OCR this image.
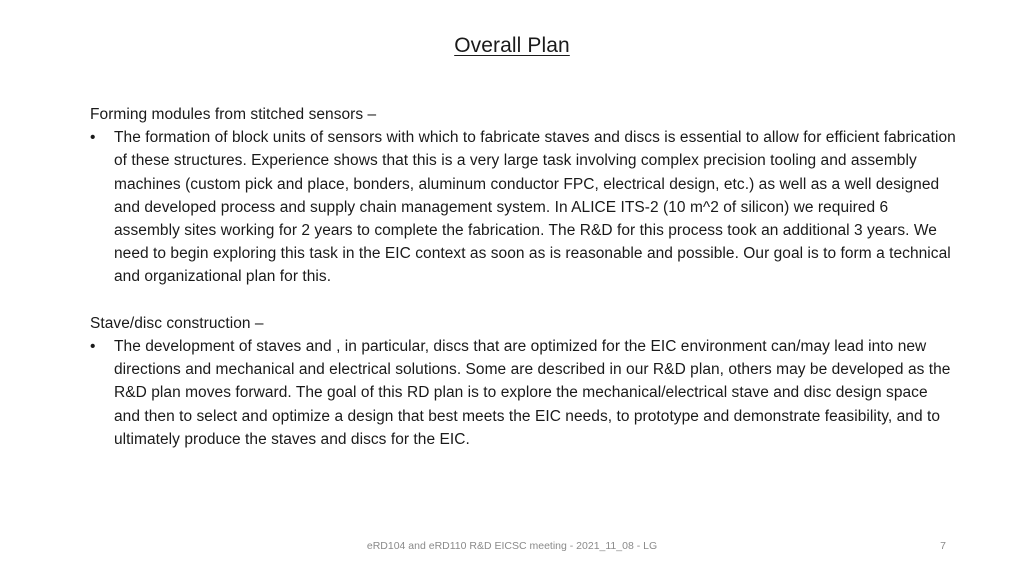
Overall Plan

Forming modules from stitched sensors –

• The formation of block units of sensors with which to fabricate staves and discs is essential to allow for efficient fabrication of these structures. Experience shows that this is a very large task involving complex precision tooling and assembly machines (custom pick and place, bonders, aluminum conductor FPC, electrical design, etc.) as well as a well designed and developed process and supply chain management system. In ALICE ITS-2 (10 m^2 of silicon) we required 6 assembly sites working for 2 years to complete the fabrication. The R&D for this process took an additional 3 years. We need to begin exploring this task in the EIC context as soon as is reasonable and possible. Our goal is to form a technical and organizational plan for this.

Stave/disc construction –

• The development of staves and , in particular, discs that are optimized for the EIC environment can/may lead into new directions and mechanical and electrical solutions. Some are described in our R&D plan, others may be developed as the R&D plan moves forward. The goal of this RD plan is to explore the mechanical/electrical stave and disc design space and then to select and optimize a design that best meets the EIC needs, to prototype and demonstrate feasibility, and to ultimately produce the staves and discs for the EIC.

eRD104 and eRD110 R&D EICSC meeting - 2021_11_08 - LG	7
